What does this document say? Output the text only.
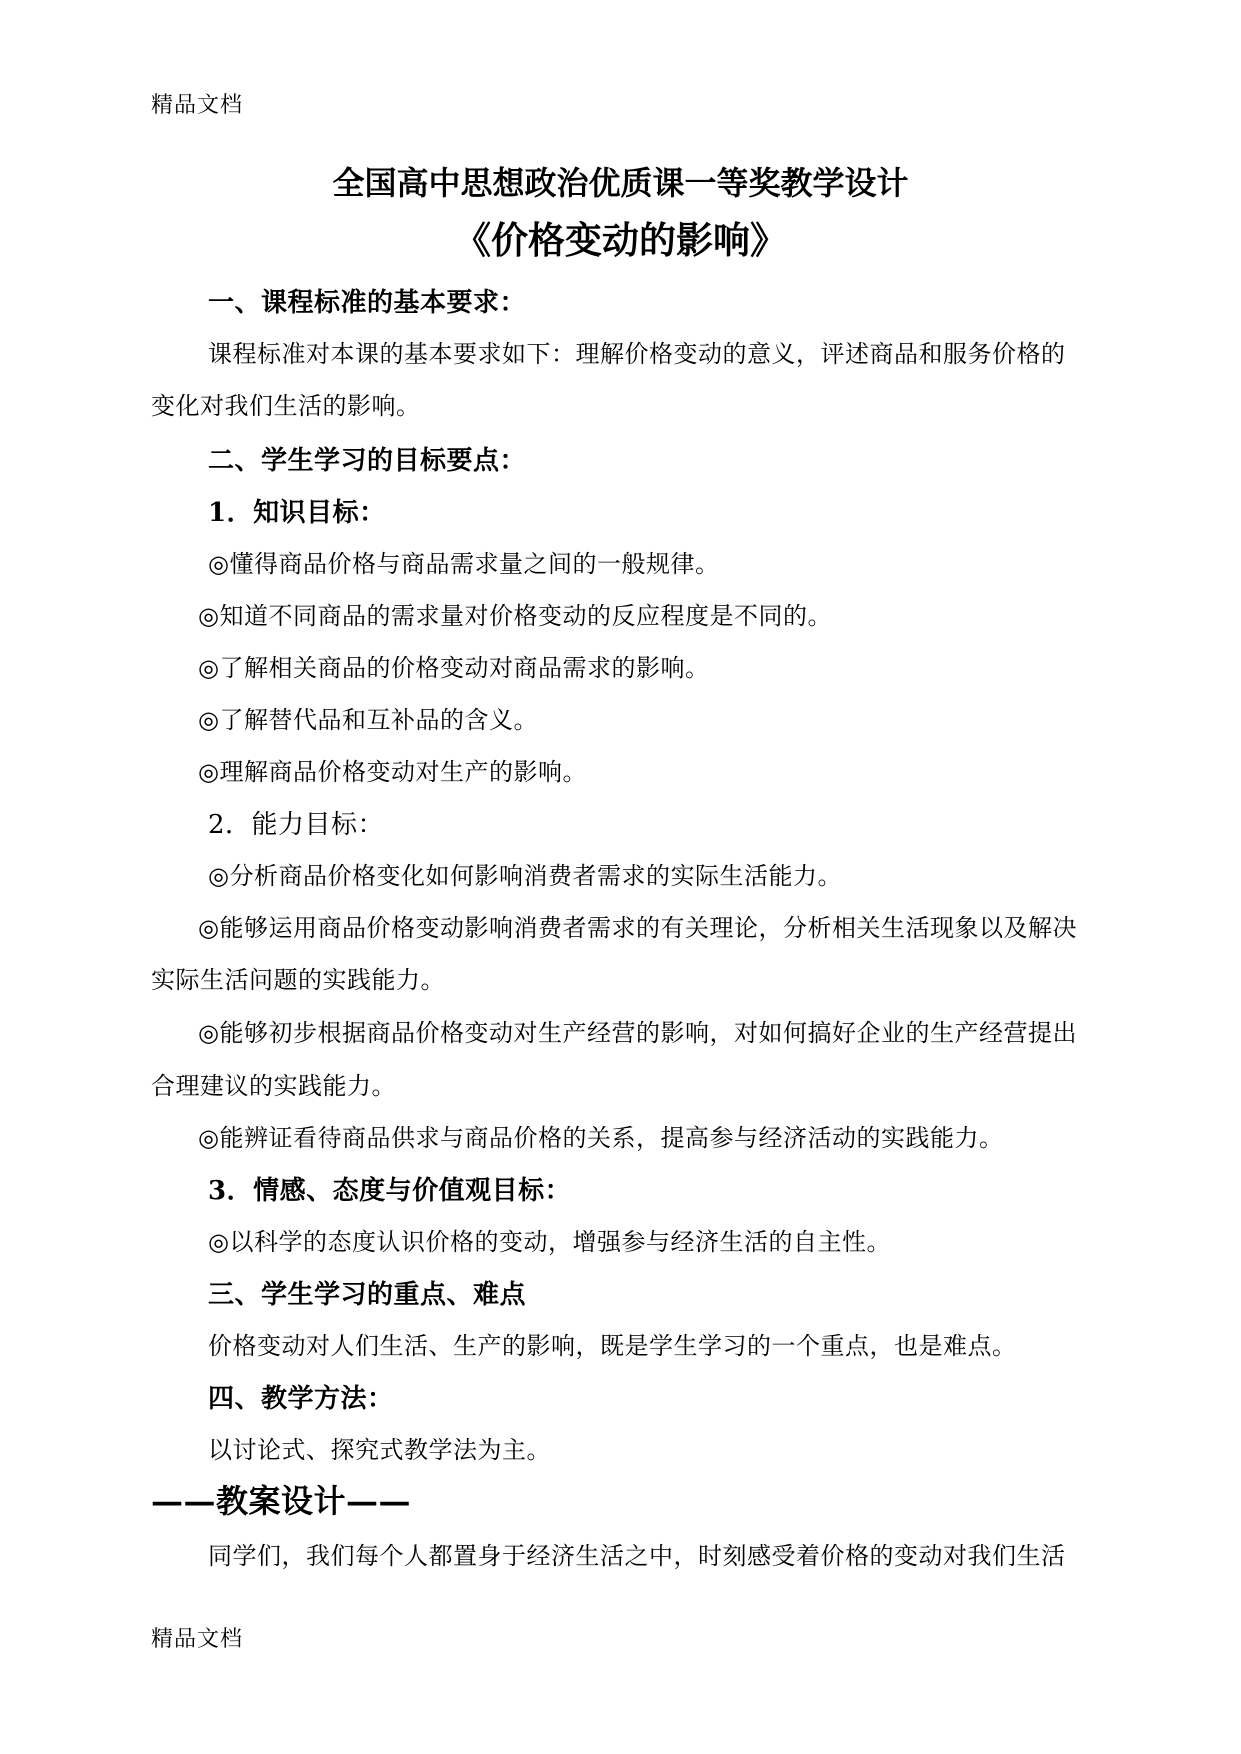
精品文档
全国高中思想政治优质课一等奖教学设计
《价格变动的影响》
一、课程标准的基本要求：
课程标准对本课的基本要求如下：理解价格变动的意义，评述商品和服务价格的
变化对我们生活的影响。
二、学生学习的目标要点：
1．知识目标：
◎懂得商品价格与商品需求量之间的一般规律。
◎知道不同商品的需求量对价格变动的反应程度是不同的。
◎了解相关商品的价格变动对商品需求的影响。
◎了解替代品和互补品的含义。
◎理解商品价格变动对生产的影响。
2．能力目标：
◎分析商品价格变化如何影响消费者需求的实际生活能力。
◎能够运用商品价格变动影响消费者需求的有关理论，分析相关生活现象以及解决
实际生活问题的实践能力。
◎能够初步根据商品价格变动对生产经营的影响，对如何搞好企业的生产经营提出
合理建议的实践能力。
◎能辨证看待商品供求与商品价格的关系，提高参与经济活动的实践能力。
3．情感、态度与价值观目标：
◎以科学的态度认识价格的变动，增强参与经济生活的自主性。
三、学生学习的重点、难点
价格变动对人们生活、生产的影响，既是学生学习的一个重点，也是难点。
四、教学方法：
以讨论式、探究式教学法为主。
——教案设计——
同学们，我们每个人都置身于经济生活之中，时刻感受着价格的变动对我们生活
精品文档
